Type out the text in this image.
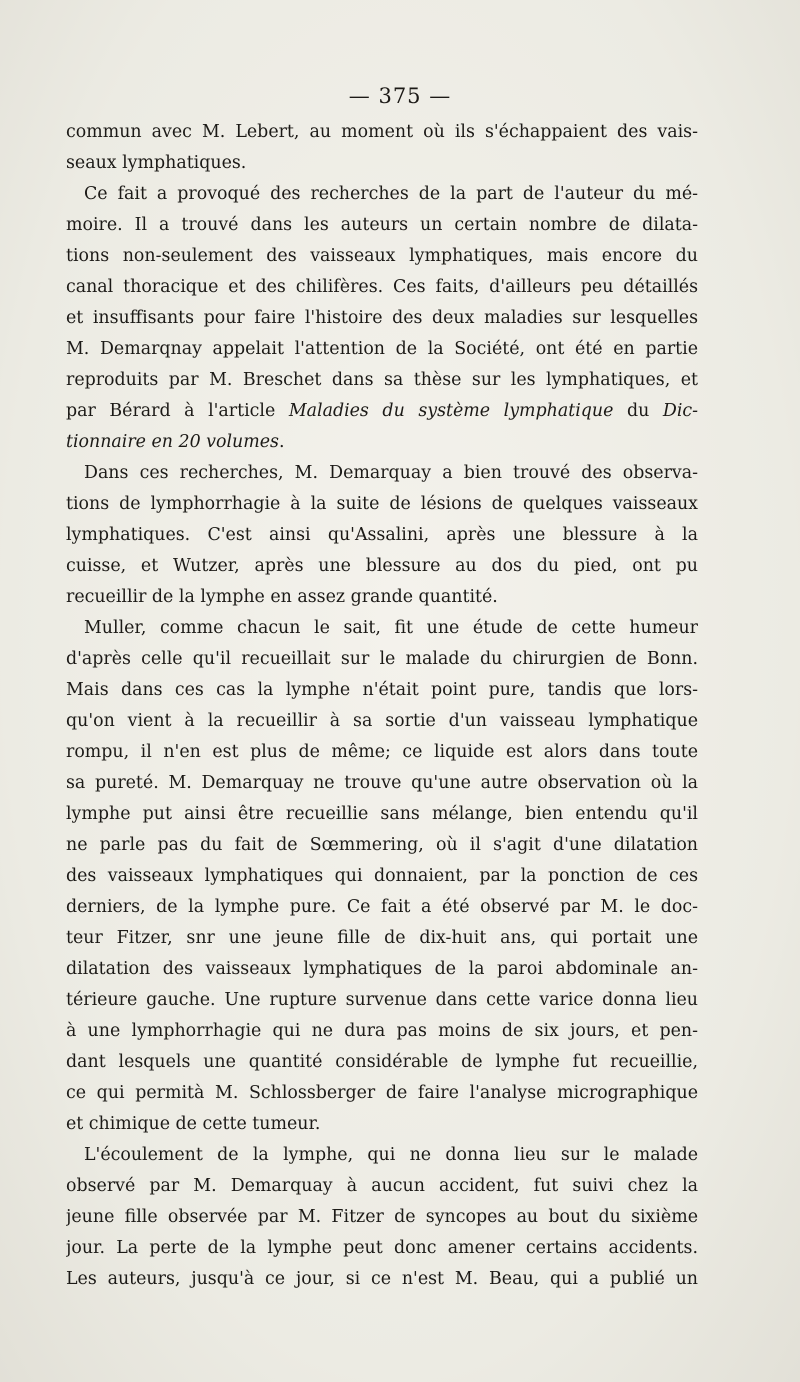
— 375 —
commun avec M. Lebert, au moment où ils s'échappaient des vais-
seaux lymphatiques.
Ce fait a provoqué des recherches de la part de l'auteur du mé-
moire. Il a trouvé dans les auteurs un certain nombre de dilata-
tions non-seulement des vaisseaux lymphatiques, mais encore du
canal thoracique et des chilifères. Ces faits, d'ailleurs peu détaillés
et insuffisants pour faire l'histoire des deux maladies sur lesquelles
M. Demarqnay appelait l'attention de la Société, ont été en partie
reproduits par M. Breschet dans sa thèse sur les lymphatiques, et
par Bérard à l'article Maladies du système lymphatique du Dic-
tionnaire en 20 volumes.
Dans ces recherches, M. Demarquay a bien trouvé des observa-
tions de lymphorrhagie à la suite de lésions de quelques vaisseaux
lymphatiques. C'est ainsi qu'Assalini, après une blessure à la
cuisse, et Wutzer, après une blessure au dos du pied, ont pu
recueillir de la lymphe en assez grande quantité.
Muller, comme chacun le sait, fit une étude de cette humeur
d'après celle qu'il recueillait sur le malade du chirurgien de Bonn.
Mais dans ces cas la lymphe n'était point pure, tandis que lors-
qu'on vient à la recueillir à sa sortie d'un vaisseau lymphatique
rompu, il n'en est plus de même; ce liquide est alors dans toute
sa pureté. M. Demarquay ne trouve qu'une autre observation où la
lymphe put ainsi être recueillie sans mélange, bien entendu qu'il
ne parle pas du fait de Sœmmering, où il s'agit d'une dilatation
des vaisseaux lymphatiques qui donnaient, par la ponction de ces
derniers, de la lymphe pure. Ce fait a été observé par M. le doc-
teur Fitzer, snr une jeune fille de dix-huit ans, qui portait une
dilatation des vaisseaux lymphatiques de la paroi abdominale an-
térieure gauche. Une rupture survenue dans cette varice donna lieu
à une lymphorrhagie qui ne dura pas moins de six jours, et pen-
dant lesquels une quantité considérable de lymphe fut recueillie,
ce qui permità M. Schlossberger de faire l'analyse micrographique
et chimique de cette tumeur.
L'écoulement de la lymphe, qui ne donna lieu sur le malade
observé par M. Demarquay à aucun accident, fut suivi chez la
jeune fille observée par M. Fitzer de syncopes au bout du sixième
jour. La perte de la lymphe peut donc amener certains accidents.
Les auteurs, jusqu'à ce jour, si ce n'est M. Beau, qui a publié un
